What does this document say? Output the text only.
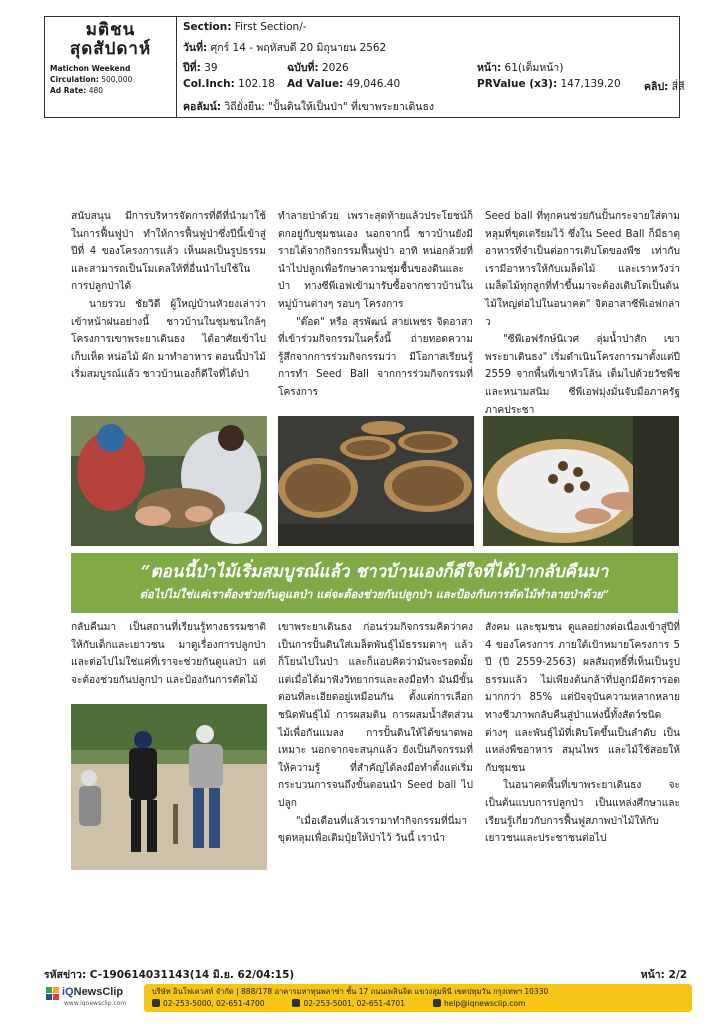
มติชน
สุดสัปดาห์
Matichon Weekend
Circulation: 500,000
Ad Rate: 480
Section: First Section/-
วันที่: ศุกร์ 14 - พฤหัสบดี 20 มิถุนายน 2562
ปีที่: 39	ฉบับที่: 2026	หน้า: 61(เต็มหน้า)
Col.Inch: 102.18 Ad Value: 49,046.40	PRValue (x3): 147,139.20 คลิป: สี่สี
คอลัมน์: วิถียั่งยืน: "ปั้นดินให้เป็นป่า" ที่เขาพระยาเดินธง

สนับสนุน มีการบริหารจัดการที่ดีที่นำมาใช้ในการฟื้นฟูป่า ทำให้การฟื้นฟูป่าซึ่งปีนี้เข้าสู่ปีที่ 4 ของโครงการแล้ว เห็นผลเป็นรูปธรรม และสามารถเป็นโมเดลให้ที่อื่นนำไปใช้ในการปลูกป่าได้

นายรวบ ชัยวิดี ผู้ใหญ่บ้านหัวยงเล่าว่า เข้าหน้าฝนอย่างนี้ ชาวบ้านในชุมชนใกล้ๆ โครงการเขาพระยาเดินธง ได้อาศัยเข้าไปเก็บเห็ด หน่อไม้ ผัก มาทำอาหาร ตอนนี้ป่าไม้เริ่มสมบูรณ์แล้ว ชาวบ้านเองก็ดีใจที่ได้ป่า

ทำลายป่าด้วย เพราะสุดท้ายแล้วประโยชน์ก็ตกอยู่กับชุมชนเอง นอกจากนี้ ชาวบ้านยังมีรายได้จากกิจกรรมฟื้นฟูป่า อาทิ หน่อกล้วยที่นำไปปลูกเพื่อรักษาความชุ่มชื้นของดินและป่า ทางซีพีเอฟเข้ามารับซื้อจากชาวบ้านในหมู่บ้านต่างๆ รอบๆ โครงการ

"ต๊อด" หรือ สุรพัฒน์ สายเพชร จิตอาสาที่เข้าร่วมกิจกรรมในครั้งนี้ ถ่ายทอดความรู้สึกจากการร่วมกิจกรรมว่า มีโอกาสเรียนรู้การทำ Seed Ball จากการร่วมกิจกรรมที่โครงการ

Seed ball ที่ทุกคนช่วยกันปั้นกระจายใส่ตามหลุมที่ขุดเตรียมไว้ ซึ่งใน Seed Ball ก็มีธาตุอาหารที่จำเป็นต่อการเติบโตของพืช เท่ากับเรามีอาหารให้กับเมล็ดไม้ และเราหวังว่าเมล็ดไม้ทุกลูกที่ทำขึ้นมาจะต้องเติบโตเป็นต้นไม้ใหญ่ต่อไปในอนาคต" จิตอาสาซีพีเอฟกล่าว

"ซีพีเอฟรักษ์นิเวศ ลุ่มน้ำป่าสัก เขาพระยาเดินธง" เริ่มดำเนินโครงการมาตั้งแต่ปี 2559 จากพื้นที่เขาหัวโล้น เต็มไปด้วยวัชพืชและหนามสนิม ซีพีเอฟมุ่งมั่นจับมือภาครัฐ ภาคประชา

“ตอนนี้ป่าไม้เริ่มสมบูรณ์แล้ว ชาวบ้านเองก็ดีใจที่ได้ป่ากลับคืนมา
ต่อไปไม่ใช่แค่เราต้องช่วยกันดูแลป่า แต่จะต้องช่วยกันปลูกป่า และป้องกันการตัดไม้ทำลายป่าด้วย”

กลับคืนมา เป็นสถานที่เรียนรู้ทางธรรมชาติให้กับเด็กและเยาวชน มาดูเรื่องการปลูกป่า และต่อไปไม่ใช่แค่ที่เราจะช่วยกันดูแลป่า แต่จะต้องช่วยกันปลูกป่า และป้องกันการตัดไม้

เขาพระยาเดินธง ก่อนร่วมกิจกรรมคิดว่าคงเป็นการปั้นดินใส่เมล็ดพันธุ์ไม้ธรรมดาๆ แล้วก็โยนไปในป่า และก็แอบคิดว่ามันจะรอดมั้ย แต่เมื่อได้มาฟังวิทยากรและลงมือทำ มันมีขั้นตอนที่ละเอียดอยู่เหมือนกัน ตั้งแต่การเลือกชนิดพันธุ์ไม้ การผสมดิน การผสมน้ำสัดส่วนไม้เพื่อกันแมลง การปั้นดินให้ได้ขนาดพอเหมาะ นอกจากจะสนุกแล้ว ยังเป็นกิจกรรมที่ให้ความรู้ ที่สำคัญได้ลงมือทำตั้งแต่เริ่มกระบวนการจนถึงขั้นตอนนำ Seed ball ไปปลูก

"เมื่อเดือนที่แล้วเรามาทำกิจกรรมที่นี่มาขุดหลุมเพื่อเติมปุ๋ยให้ป่าไว้ วันนี้ เรานำ

สังคม และชุมชน ดูแลอย่างต่อเนื่องเข้าสู่ปีที่ 4 ของโครงการ ภายใต้เป้าหมายโครงการ 5 ปี (ปี 2559-2563) ผลสัมฤทธิ์ที่เห็นเป็นรูปธรรมแล้ว ไม่เพียงต้นกล้าที่ปลูกมีอัตรารอดมากกว่า 85% แต่ปัจจุบันความหลากหลายทางชีวภาพกลับคืนสู่ป่าแห่งนี้ทั้งสัตว์ชนิดต่างๆ และพันธุ์ไม้ที่เติบโตขึ้นเป็นลำดับ เป็นแหล่งพืชอาหาร สมุนไพร และไม้ใช้สอยให้กับชุมชน

ในอนาคตพื้นที่เขาพระยาเดินธง จะเป็นต้นแบบการปลูกป่า เป็นแหล่งศึกษาและเรียนรู้เกี่ยวกับการฟื้นฟูสภาพป่าไม้ให้กับเยาวชนและประชาชนต่อไป

รหัสข่าว: C-190614031143(14 มิ.ย. 62/04:15)	หน้า: 2/2
iQNewsClip
www.iqnewsclip.com
บริษัท อินโฟเควสท์ จำกัด | 888/178 อาคารมหาทุนพลาซ่า ชั้น 17 ถนนเพลินจิต แขวงลุมพินี เขตปทุมวัน กรุงเทพฯ 10330
02-253-5000, 02-651-4700	02-253-5001, 02-651-4701	help@iqnewsclip.com
